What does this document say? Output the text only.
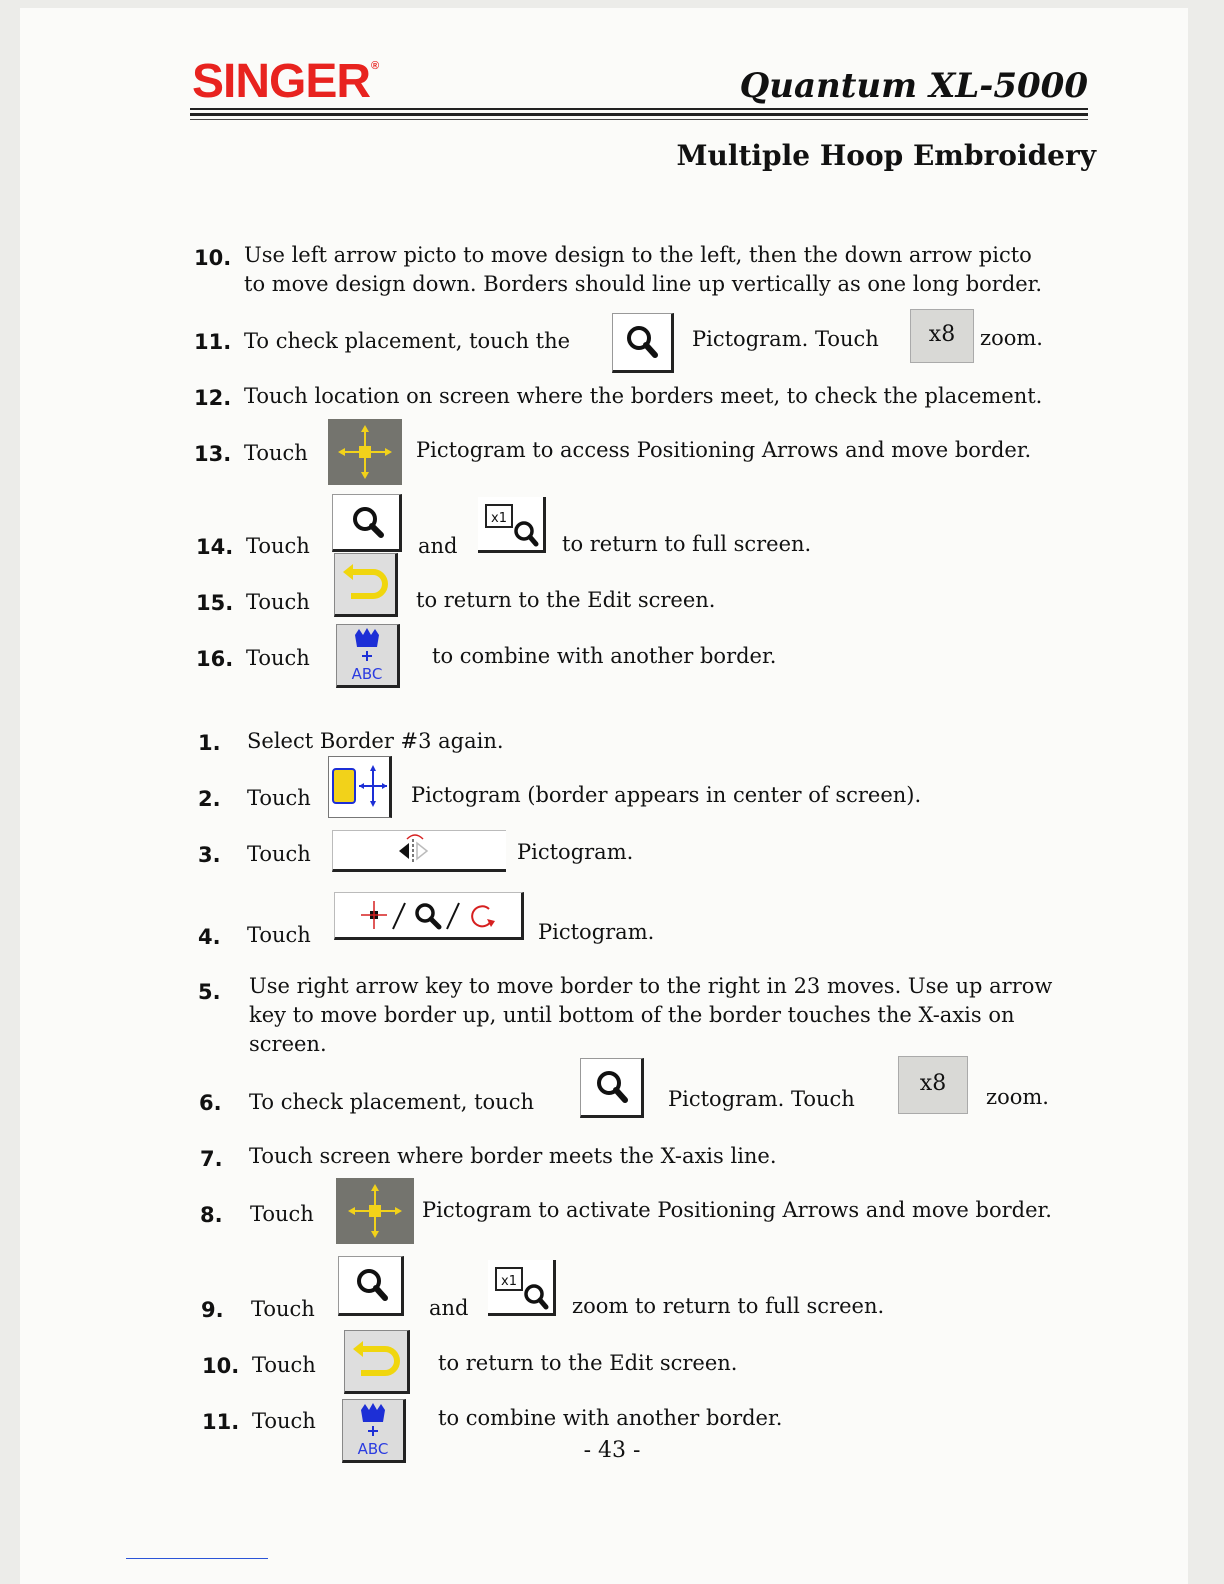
SINGER®	Quantum XL-5000
Multiple Hoop Embroidery
10. Use left arrow picto to move design to the left, then the down arrow picto
to move design down. Borders should line up vertically as one long border.
11. To check placement, touch the	Pictogram. Touch	x8	zoom.
12. Touch location on screen where the borders meet, to check the placement.
13. Touch	Pictogram to access Positioning Arrows and move border.
14. Touch	and
x1
to return to full screen.
15. Touch	to return to the Edit screen.
16. Touch
ABC
to combine with another border.
1. Select Border #3 again.
2. Touch	Pictogram (border appears in center of screen).
3. Touch	Pictogram.
4. Touch	Pictogram.
5. Use right arrow key to move border to the right in 23 moves. Use up arrow
key to move border up, until bottom of the border touches the X-axis on
screen.
6. To check placement, touch	Pictogram. Touch
x8
zoom.
7. Touch screen where border meets the X-axis line.
8. Touch	Pictogram to activate Positioning Arrows and move border.
9. Touch	and
x1
zoom to return to full screen.
10. Touch	to return to the Edit screen.
11. Touch
ABC
to combine with another border.
- 43 -
